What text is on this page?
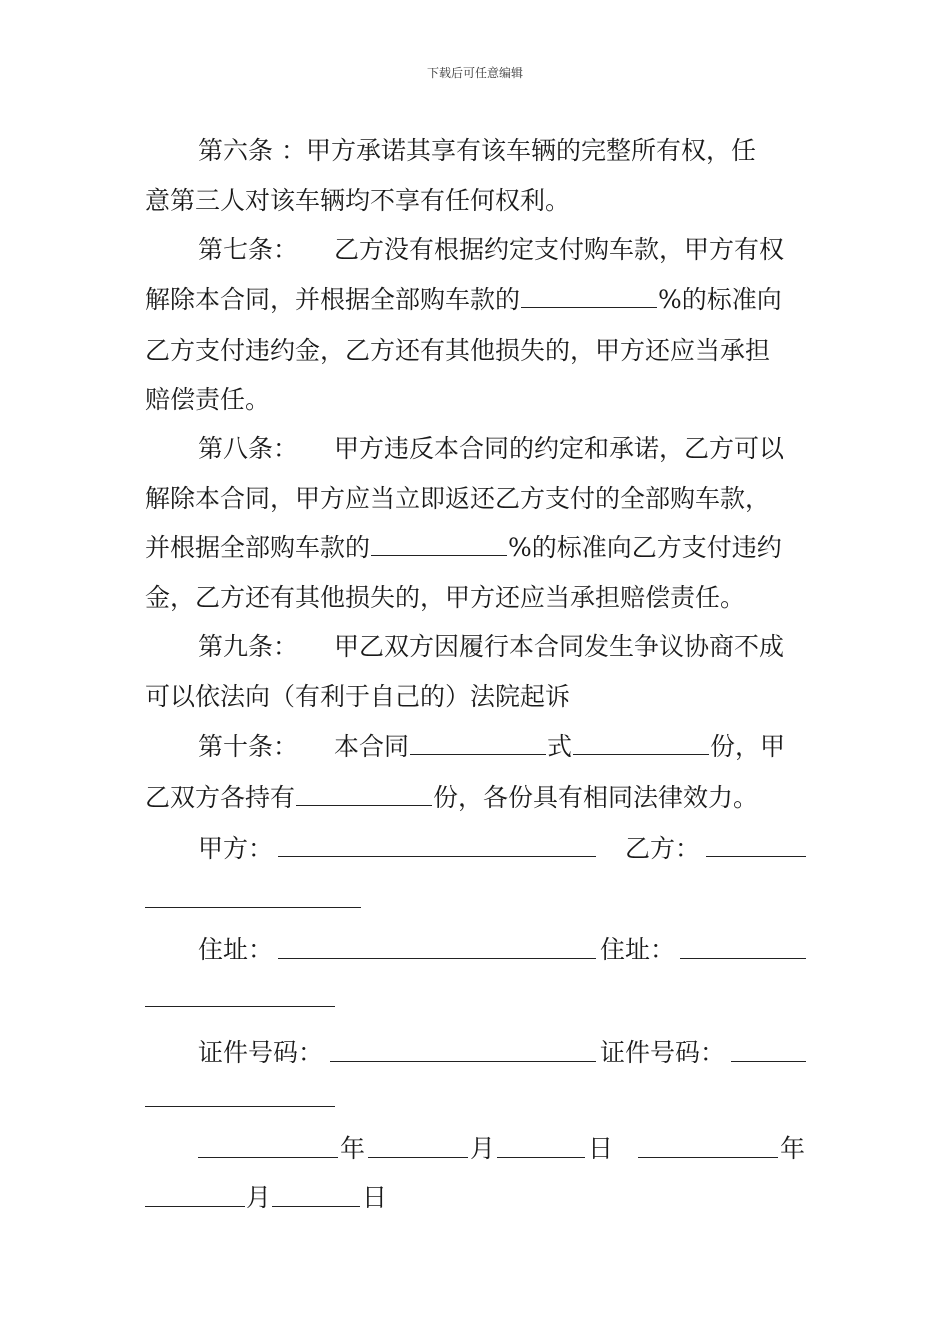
下载后可任意编辑
第六条 ：甲方承诺其享有该车辆的完整所有权，任
意第三人对该车辆均不享有任何权利。
第七条： 乙方没有根据约定支付购车款，甲方有权
解除本合同，并根据全部购车款的	%的标准向
乙方支付违约金，乙方还有其他损失的，甲方还应当承担
赔偿责任。
第八条： 甲方违反本合同的约定和承诺，乙方可以
解除本合同，甲方应当立即返还乙方支付的全部购车款，
并根据全部购车款的	%的标准向乙方支付违约
金，乙方还有其他损失的，甲方还应当承担赔偿责任。
第九条： 甲乙双方因履行本合同发生争议协商不成
可以依法向（有利于自己的）法院起诉
第十条： 本合同	式	份，甲
乙双方各持有	份，各份具有相同法律效力。
甲方：	乙方：
住址：	住址：
证件号码：	证件号码：
年	月	日	年
月	日
